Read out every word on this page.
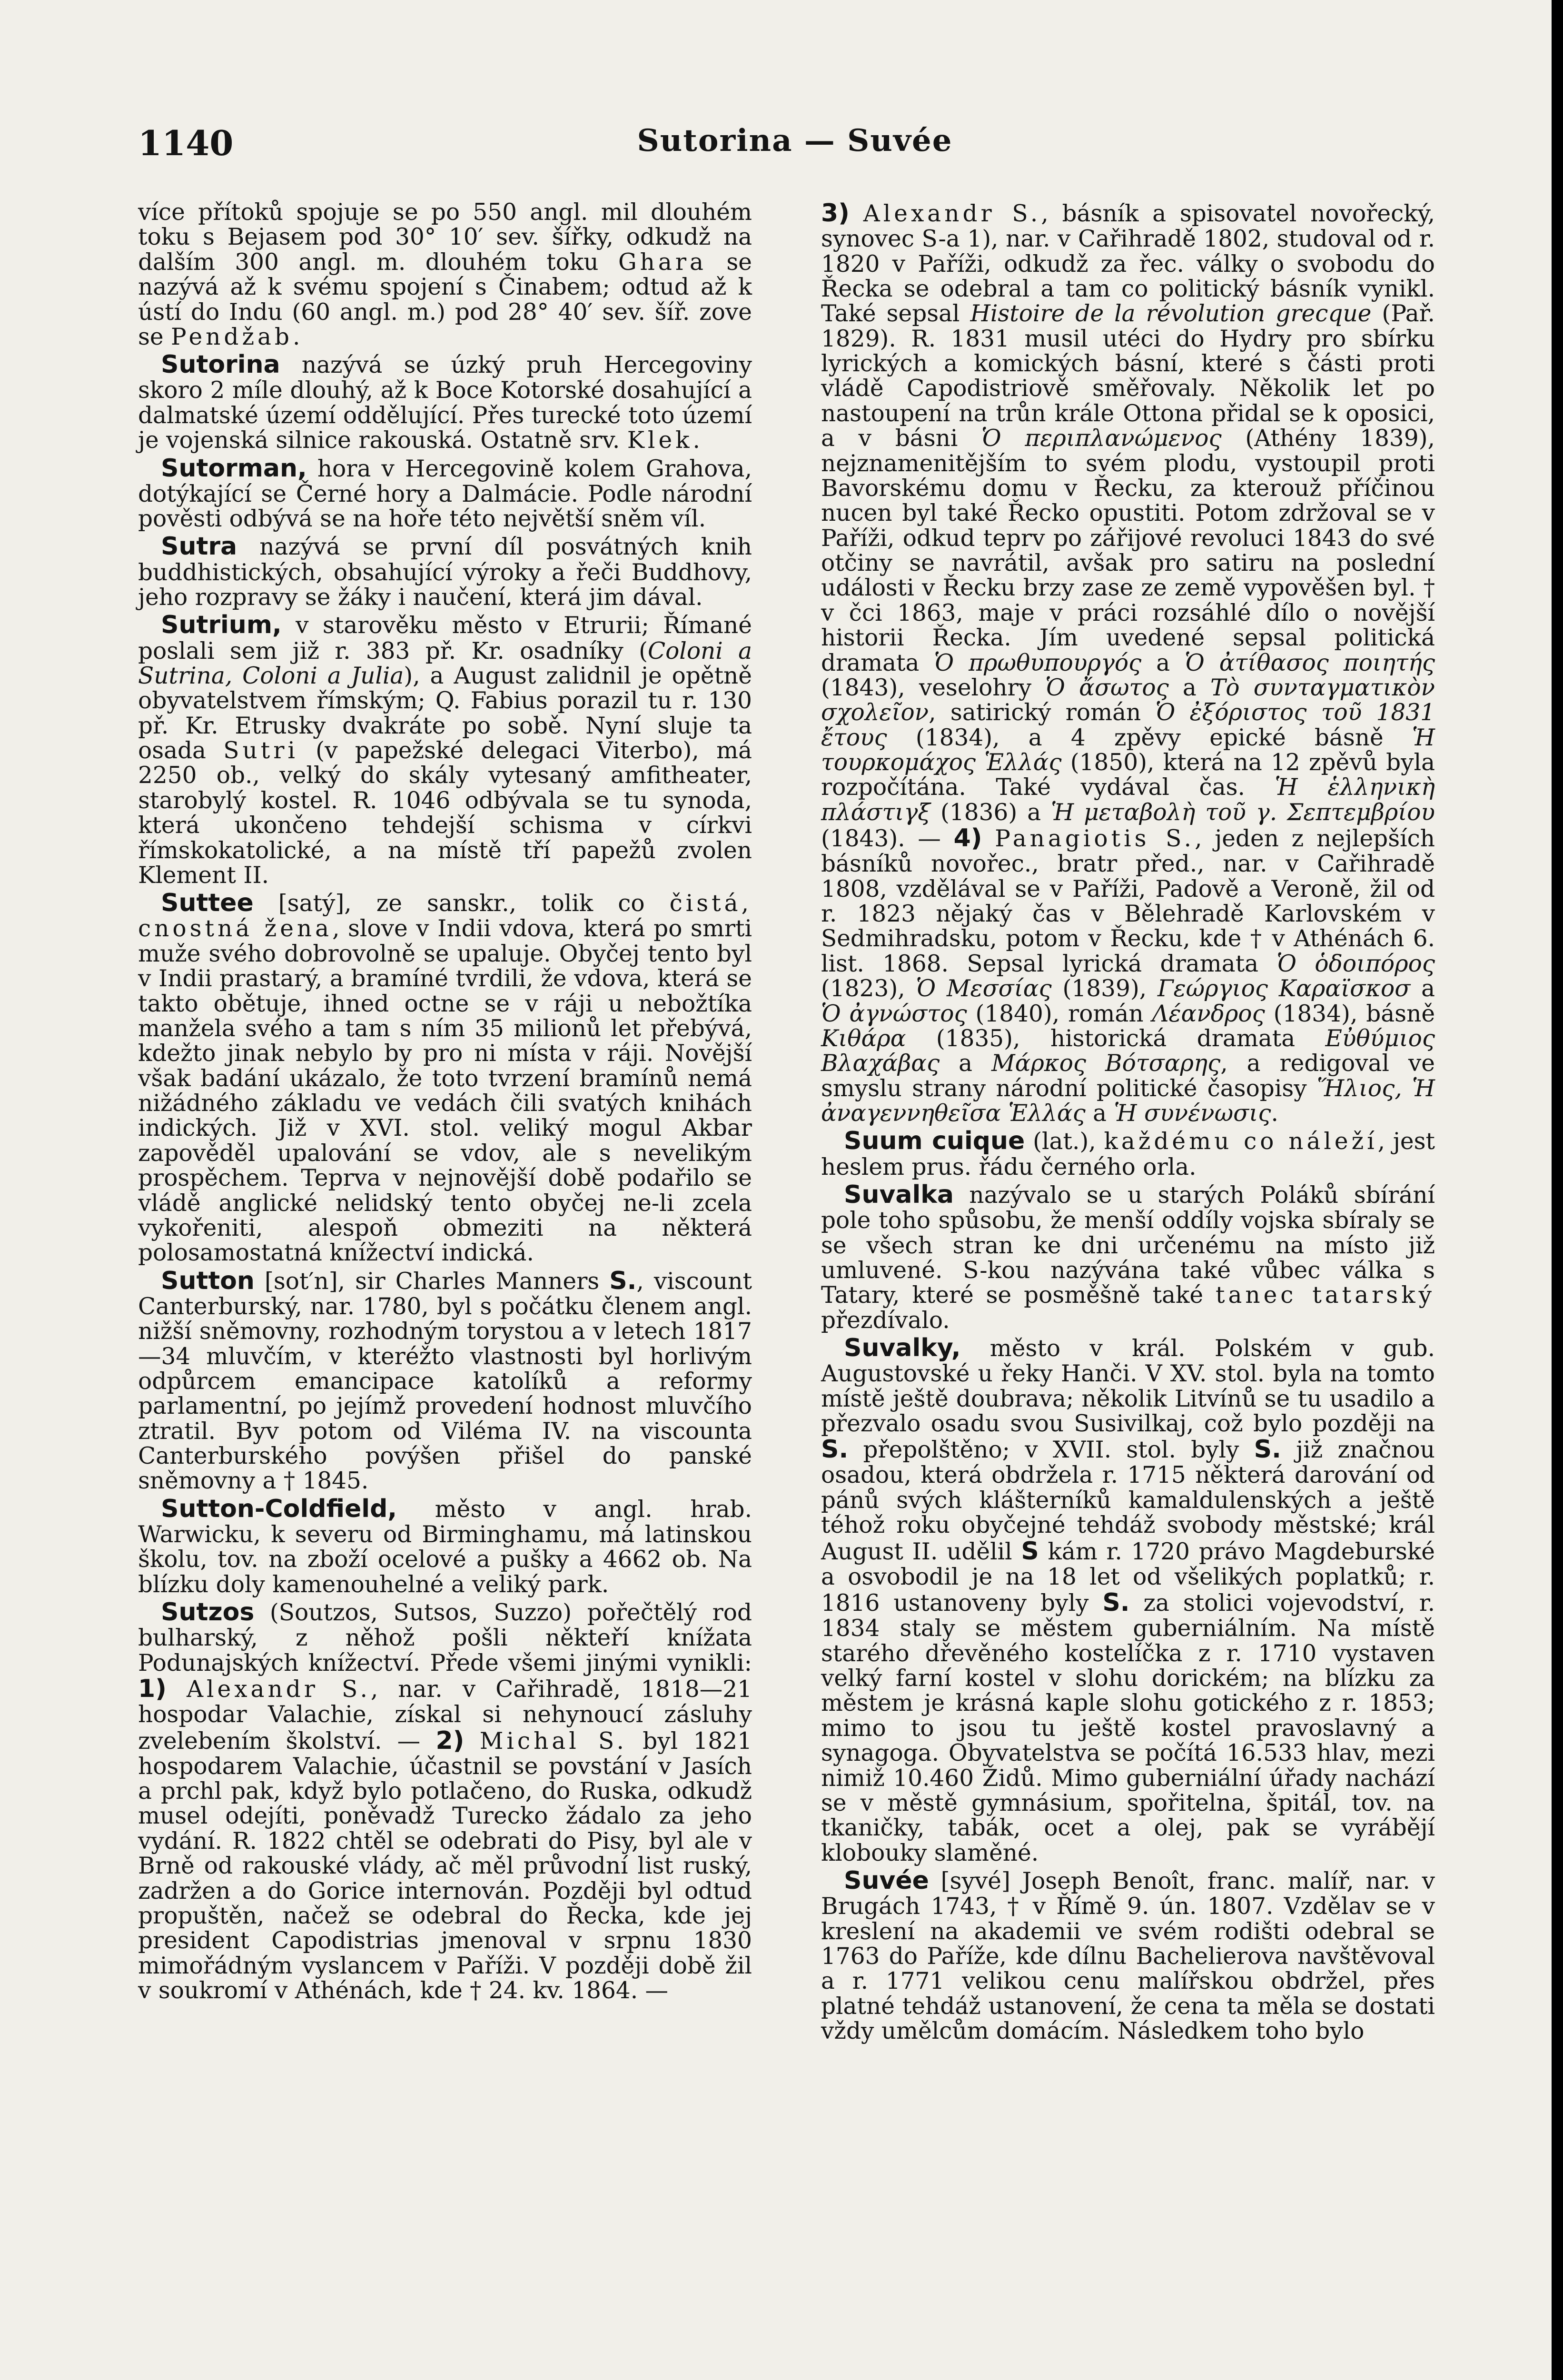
1140	Sutorina — Suvée

více přítoků spojuje se po 550 angl. mil dlouhém toku s Bejasem pod 30° 10′ sev. šířky, odkudž na dalším 300 angl. m. dlouhém toku Ghara se nazývá až k svému spojení s Činabem; odtud až k ústí do Indu (60 angl. m.) pod 28° 40′ sev. šíř. zove se Pendžab.

Sutorina nazývá se úzký pruh Hercegoviny skoro 2 míle dlouhý, až k Boce Kotorské dosahující a dalmatské území oddělující. Přes turecké toto území je vojenská silnice rakouská. Ostatně srv. Klek.

Sutorman, hora v Hercegovině kolem Grahova, dotýkající se Černé hory a Dalmácie. Podle národní pověsti odbývá se na hoře této největší sněm víl.

Sutra nazývá se první díl posvátných knih buddhistických, obsahující výroky a řeči Buddhovy, jeho rozpravy se žáky i naučení, která jim dával.

Sutrium, v starověku město v Etrurii; Římané poslali sem již r. 383 př. Kr. osadníky (Coloni a Sutrina, Coloni a Julia), a August zalidnil je opětně obyvatelstvem římským; Q. Fabius porazil tu r. 130 př. Kr. Etrusky dvakráte po sobě. Nyní sluje ta osada Sutri (v papežské delegaci Viterbo), má 2250 ob., velký do skály vytesaný amfitheater, starobylý kostel. R. 1046 odbývala se tu synoda, která ukončeno tehdejší schisma v církvi římskokatolické, a na místě tří papežů zvolen Klement II.

Suttee [satý], ze sanskr., tolik co čistá, cnostná žena, slove v Indii vdova, která po smrti muže svého dobrovolně se upaluje. Obyčej tento byl v Indii prastarý, a bramíné tvrdili, že vdova, která se takto obětuje, ihned octne se v ráji u nebožtíka manžela svého a tam s ním 35 milionů let přebývá, kdežto jinak nebylo by pro ni místa v ráji. Novější však badání ukázalo, že toto tvrzení bramínů nemá nižádného základu ve vedách čili svatých knihách indických. Již v XVI. stol. veliký mogul Akbar zapověděl upalování se vdov, ale s nevelikým prospěchem. Teprva v nejnovější době podařilo se vládě anglické nelidský tento obyčej ne-li zcela vykořeniti, alespoň obmeziti na některá polosamostatná knížectví indická.

Sutton [sot′n], sir Charles Manners S., viscount Canterburský, nar. 1780, byl s počátku členem angl. nižší sněmovny, rozhodným torystou a v letech 1817—34 mluvčím, v kteréžto vlastnosti byl horlivým odpůrcem emancipace katolíků a reformy parlamentní, po jejímž provedení hodnost mluvčího ztratil. Byv potom od Viléma IV. na viscounta Canterburského povýšen přišel do panské sněmovny a † 1845.

Sutton-Coldfield, město v angl. hrab. Warwicku, k severu od Birminghamu, má latinskou školu, tov. na zboží ocelové a pušky a 4662 ob. Na blízku doly kamenouhelné a veliký park.

Sutzos (Soutzos, Sutsos, Suzzo) pořečtělý rod bulharský, z něhož pošli někteří knížata Podunajských knížectví. Přede všemi jinými vynikli: 1) Alexandr S., nar. v Cařihradě, 1818—21 hospodar Valachie, získal si nehynoucí zásluhy zvelebením školství. — 2) Michal S. byl 1821 hospodarem Valachie, účastnil se povstání v Jasích a prchl pak, když bylo potlačeno, do Ruska, odkudž musel odejíti, poněvadž Turecko žádalo za jeho vydání. R. 1822 chtěl se odebrati do Pisy, byl ale v Brně od rakouské vlády, ač měl průvodní list ruský, zadržen a do Gorice internován. Později byl odtud propuštěn, načež se odebral do Řecka, kde jej president Capodistrias jmenoval v srpnu 1830 mimořádným vyslancem v Paříži. V později době žil v soukromí v Athénách, kde † 24. kv. 1864. —

3) Alexandr S., básník a spisovatel novořecký, synovec S-a 1), nar. v Cařihradě 1802, studoval od r. 1820 v Paříži, odkudž za řec. války o svobodu do Řecka se odebral a tam co politický básník vynikl. Také sepsal Histoire de la révolution grecque (Pař. 1829). R. 1831 musil utéci do Hydry pro sbírku lyrických a komických básní, které s části proti vládě Capodistriově směřovaly. Několik let po nastoupení na trůn krále Ottona přidal se k oposici, a v básni Ὁ περιπλανώμενος (Athény 1839), nejznamenitějším to svém plodu, vystoupil proti Bavorskému domu v Řecku, za kterouž příčinou nucen byl také Řecko opustiti. Potom zdržoval se v Paříži, odkud teprv po zářijové revoluci 1843 do své otčiny se navrátil, avšak pro satiru na poslední události v Řecku brzy zase ze země vypověšen byl. † v čci 1863, maje v práci rozsáhlé dílo o novější historii Řecka. Jím uvedené sepsal politická dramata Ὁ πρωθυπουργός a Ὁ ἀτίθασος ποιητής (1843), veselohry Ὁ ἄσωτος a Τὸ συνταγματικὸν σχολεῖον, satirický román Ὁ ἐξόριστος τοῦ 1831 ἔτους (1834), a 4 zpěvy epické básně Ἡ τουρκομάχος Ἑλλάς (1850), která na 12 zpěvů byla rozpočítána. Také vydával čas. Ἡ ἑλληνικὴ πλάστιγξ (1836) a Ἡ μεταβολὴ τοῦ γ. Σεπτεμβρίου (1843). — 4) Panagiotis S., jeden z nejlepších básníků novořec., bratr před., nar. v Cařihradě 1808, vzdělával se v Paříži, Padově a Veroně, žil od r. 1823 nějaký čas v Bělehradě Karlovském v Sedmihradsku, potom v Řecku, kde † v Athénách 6. list. 1868. Sepsal lyrická dramata Ὁ ὁδοιπόρος (1823), Ὁ Μεσσίας (1839), Γεώργιος Καραϊσκοσ a Ὁ ἀγνώστος (1840), román Λέανδρος (1834), básně Κιθάρα (1835), historická dramata Εὐθύμιος Βλαχάβας a Μάρκος Βότσαρης, a redigoval ve smyslu strany národní politické časopisy Ἥλιος, Ἡ ἀναγεννηθεῖσα Ἑλλάς a Ἡ συνένωσις.

Suum cuique (lat.), každému co náleží, jest heslem prus. řádu černého orla.

Suvalka nazývalo se u starých Poláků sbírání pole toho spůsobu, že menší oddíly vojska sbíraly se se všech stran ke dni určenému na místo již umluvené. S-kou nazývána také vůbec válka s Tatary, které se posměšně také tanec tatarský přezdívalo.

Suvalky, město v král. Polském v gub. Augustovské u řeky Hanči. V XV. stol. byla na tomto místě ještě doubrava; několik Litvínů se tu usadilo a přezvalo osadu svou Susivilkaj, což bylo později na S. přepolštěno; v XVII. stol. byly S. již značnou osadou, která obdržela r. 1715 některá darování od pánů svých klášterníků kamaldulenských a ještě téhož roku obyčejné tehdáž svobody městské; král August II. udělil S kám r. 1720 právo Magdeburské a osvobodil je na 18 let od všelikých poplatků; r. 1816 ustanoveny byly S. za stolici vojevodství, r. 1834 staly se městem guberniálním. Na místě starého dřevěného kostelíčka z r. 1710 vystaven velký farní kostel v slohu dorickém; na blízku za městem je krásná kaple slohu gotického z r. 1853; mimo to jsou tu ještě kostel pravoslavný a synagoga. Obyvatelstva se počítá 16.533 hlav, mezi nimiž 10.460 Židů. Mimo guberniální úřady nachází se v městě gymnásium, spořitelna, špitál, tov. na tkaničky, tabák, ocet a olej, pak se vyrábějí klobouky slaměné.

Suvée [syvé] Joseph Benoît, franc. malíř, nar. v Brugách 1743, † v Římě 9. ún. 1807. Vzdělav se v kreslení na akademii ve svém rodišti odebral se 1763 do Paříže, kde dílnu Bachelierova navštěvoval a r. 1771 velikou cenu malířskou obdržel, přes platné tehdáž ustanovení, že cena ta měla se dostati vždy umělcům domácím. Následkem toho bylo
